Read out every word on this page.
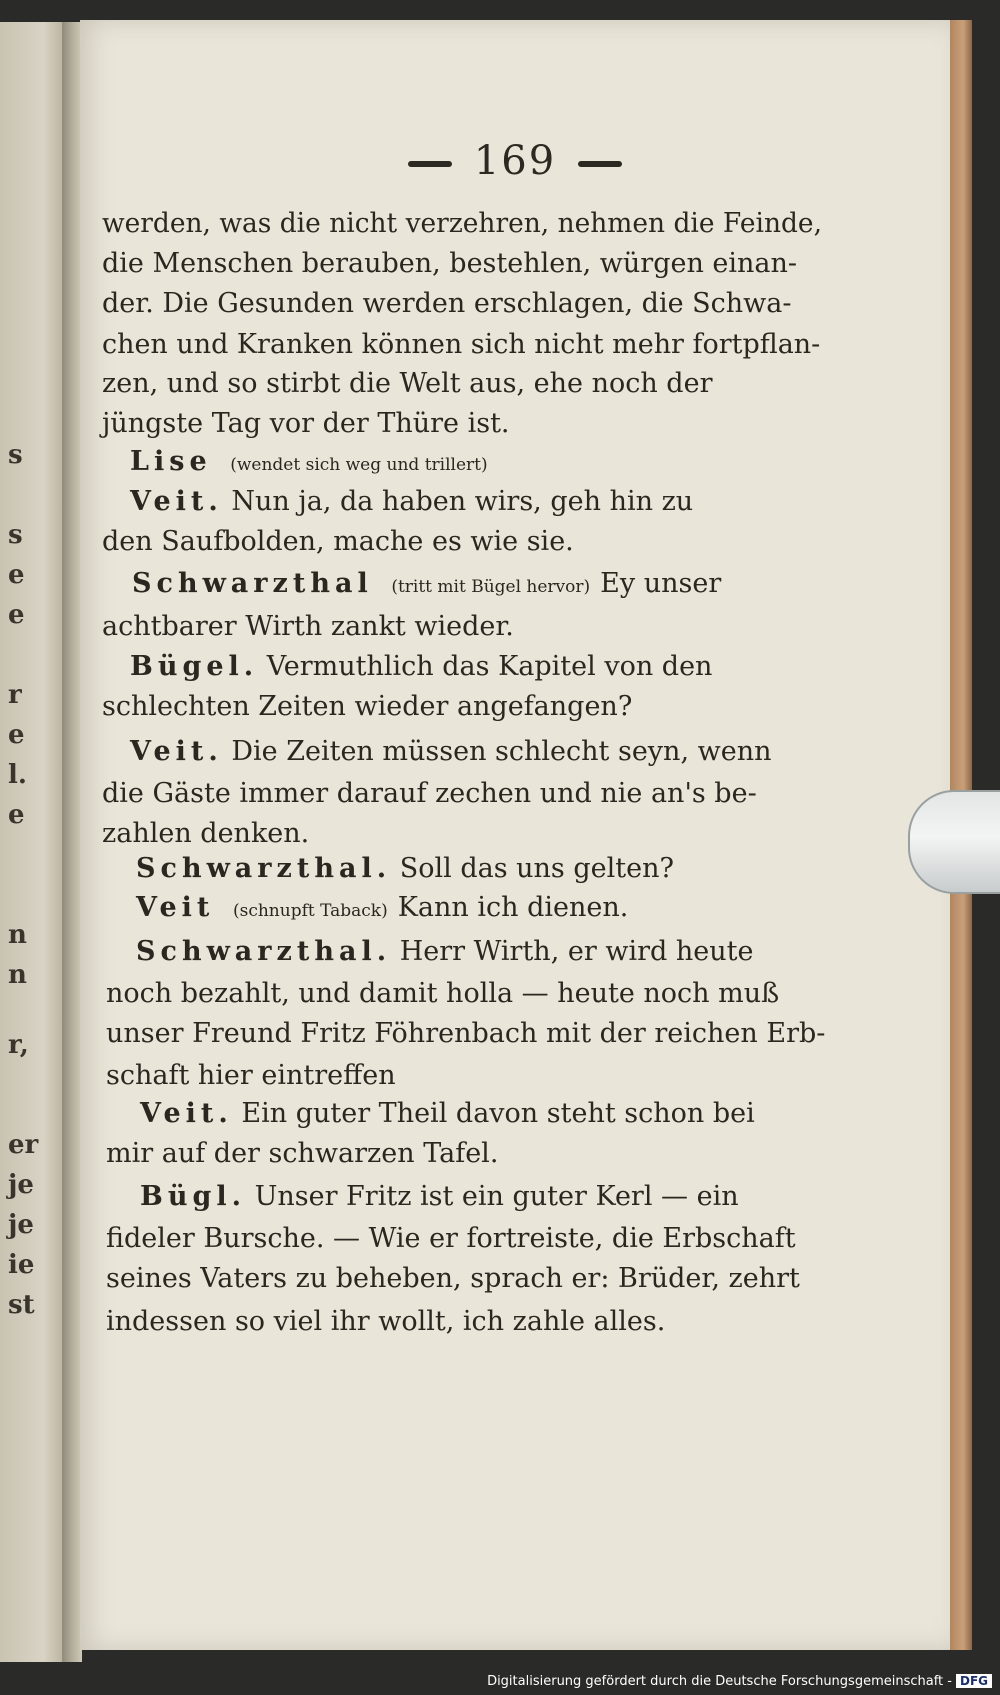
s
s
e
e
r
e
l.
e
n
n
r,
er
je
je
ie
st
169
werden, was die nicht verzehren, nehmen die Feinde,
die Menschen berauben, bestehlen, würgen einan-
der. Die Gesunden werden erschlagen, die Schwa-
chen und Kranken können sich nicht mehr fortpflan-
zen, und so stirbt die Welt aus, ehe noch der
jüngste Tag vor der Thüre ist.
Lise (wendet sich weg und trillert)
Veit. Nun ja, da haben wirs, geh hin zu
den Saufbolden, mache es wie sie.
Schwarzthal (tritt mit Bügel hervor) Ey unser
achtbarer Wirth zankt wieder.
Bügel. Vermuthlich das Kapitel von den
schlechten Zeiten wieder angefangen?
Veit. Die Zeiten müssen schlecht seyn, wenn
die Gäste immer darauf zechen und nie an's be-
zahlen denken.
Schwarzthal. Soll das uns gelten?
Veit (schnupft Taback) Kann ich dienen.
Schwarzthal. Herr Wirth, er wird heute
noch bezahlt, und damit holla — heute noch muß
unser Freund Fritz Föhrenbach mit der reichen Erb-
schaft hier eintreffen
Veit. Ein guter Theil davon steht schon bei
mir auf der schwarzen Tafel.
Bügl. Unser Fritz ist ein guter Kerl — ein
fideler Bursche. — Wie er fortreiste, die Erbschaft
seines Vaters zu beheben, sprach er: Brüder, zehrt
indessen so viel ihr wollt, ich zahle alles.
Digitalisierung gefördert durch die Deutsche Forschungsgemeinschaft - DFG
